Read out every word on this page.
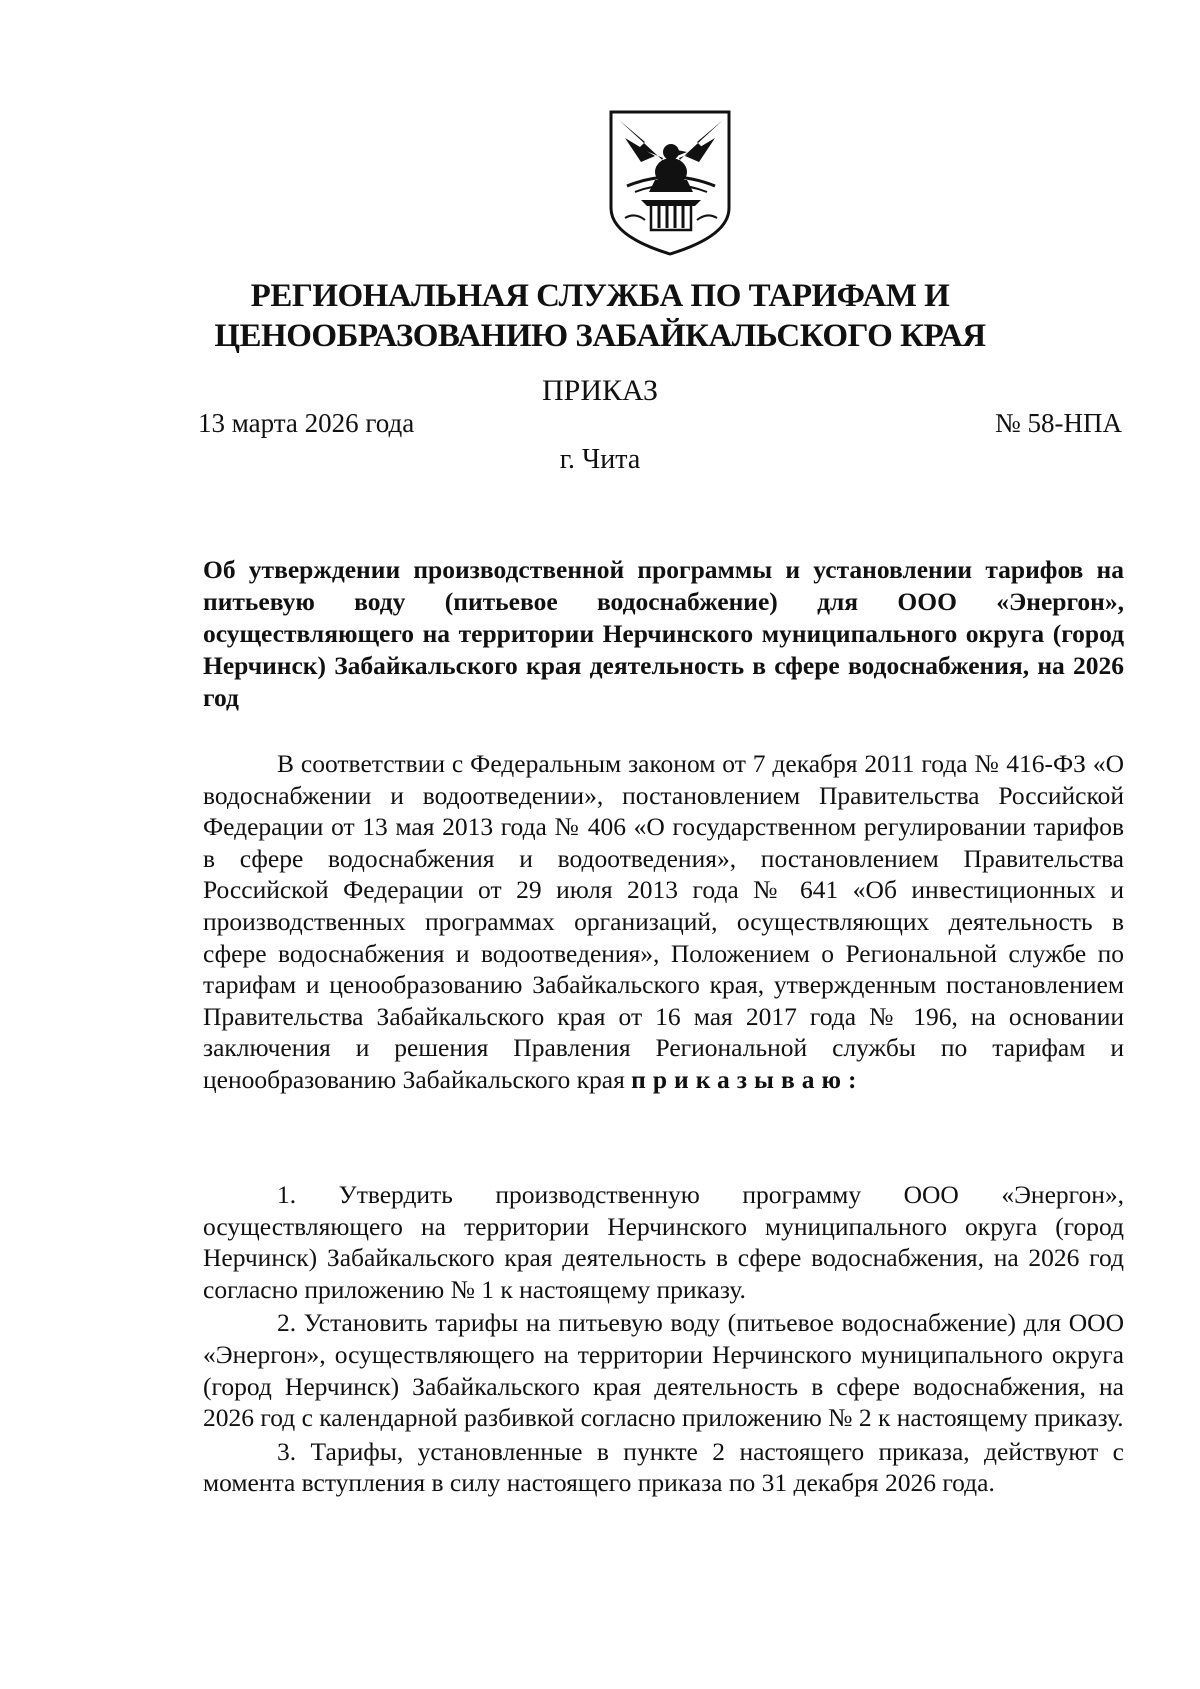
РЕГИОНАЛЬНАЯ СЛУЖБА ПО ТАРИФАМ И
ЦЕНООБРАЗОВАНИЮ ЗАБАЙКАЛЬСКОГО КРАЯ
ПРИКАЗ
13 марта 2026 года	№ 58-НПА
г. Чита
Об утверждении производственной программы и установлении тарифов на питьевую воду (питьевое водоснабжение) для ООО «Энергон», осуществляющего на территории Нерчинского муниципального округа (город Нерчинск) Забайкальского края деятельность в сфере водоснабжения, на 2026 год

В соответствии с Федеральным законом от 7 декабря 2011 года № 416-ФЗ «О водоснабжении и водоотведении», постановлением Правительства Российской Федерации от 13 мая 2013 года № 406 «О государственном регулировании тарифов в сфере водоснабжения и водоотведения», постановлением Правительства Российской Федерации от 29 июля 2013 года № 641 «Об инвестиционных и производственных программах организаций, осуществляющих деятельность в сфере водоснабжения и водоотведения», Положением о Региональной службе по тарифам и ценообразованию Забайкальского края, утвержденным постановлением Правительства Забайкальского края от 16 мая 2017 года № 196, на основании заключения и решения Правления Региональной службы по тарифам и ценообразованию Забайкальского края приказываю:

1. Утвердить производственную программу ООО «Энергон», осуществляющего на территории Нерчинского муниципального округа (город Нерчинск) Забайкальского края деятельность в сфере водоснабжения, на 2026 год согласно приложению № 1 к настоящему приказу.

2. Установить тарифы на питьевую воду (питьевое водоснабжение) для ООО «Энергон», осуществляющего на территории Нерчинского муниципального округа (город Нерчинск) Забайкальского края деятельность в сфере водоснабжения, на 2026 год с календарной разбивкой согласно приложению № 2 к настоящему приказу.

3. Тарифы, установленные в пункте 2 настоящего приказа, действуют с момента вступления в силу настоящего приказа по 31 декабря 2026 года.
